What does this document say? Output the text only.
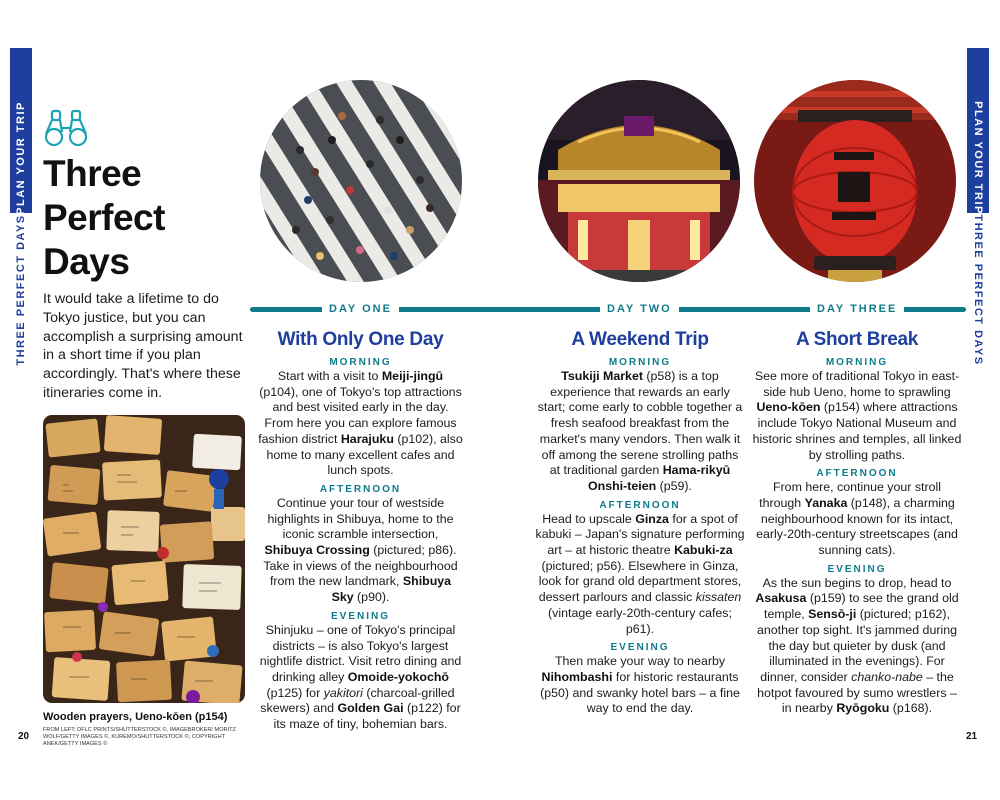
PLAN YOUR TRIP
THREE PERFECT DAYS
PLAN YOUR TRIP
THREE PERFECT DAYS
Three
Perfect
Days

It would take a lifetime to do Tokyo justice, but you can accomplish a surprising amount in a short time if you plan accordingly. That's where these itineraries come in.

Wooden prayers, Ueno-kōen (p154)
FROM LEFT: DFLC PRINTS/SHUTTERSTOCK ©, IMAGEBROKER/ MORITZ WOLF/GETTY IMAGES ©, KUREMO/SHUTTERSTOCK ©, COPYRIGHT ANEK/GETTY IMAGES ©
20	21
DAY ONE	DAY TWO	DAY THREE
With Only One Day
MORNING

Start with a visit to Meiji-jingū (p104), one of Tokyo's top attractions and best visited early in the day. From here you can explore famous fashion district Harajuku (p102), also home to many excellent cafes and lunch spots.

AFTERNOON

Continue your tour of westside highlights in Shibuya, home to the iconic scramble intersection, Shibuya Crossing (pictured; p86). Take in views of the neighbourhood from the new landmark, Shibuya Sky (p90).

EVENING

Shinjuku – one of Tokyo's principal districts – is also Tokyo's largest nightlife district. Visit retro dining and drinking alley Omoide-yokochō (p125) for yakitori (charcoal-grilled skewers) and Golden Gai (p122) for its maze of tiny, bohemian bars.

A Weekend Trip
MORNING

Tsukiji Market (p58) is a top experience that rewards an early start; come early to cobble together a fresh seafood breakfast from the market's many vendors. Then walk it off among the serene strolling paths at traditional garden Hama-rikyū Onshi-teien (p59).

AFTERNOON

Head to upscale Ginza for a spot of kabuki – Japan's signature performing art – at historic theatre Kabuki-za (pictured; p56). Elsewhere in Ginza, look for grand old department stores, dessert parlours and classic kissaten (vintage early-20th-century cafes; p61).

EVENING

Then make your way to nearby Nihombashi for historic restaurants (p50) and swanky hotel bars – a fine way to end the day.

A Short Break
MORNING

See more of traditional Tokyo in east-side hub Ueno, home to sprawling Ueno-kōen (p154) where attractions include Tokyo National Museum and historic shrines and temples, all linked by strolling paths.

AFTERNOON

From here, continue your stroll through Yanaka (p148), a charming neighbourhood known for its intact, early-20th-century streetscapes (and sunning cats).

EVENING

As the sun begins to drop, head to Asakusa (p159) to see the grand old temple, Sensō-ji (pictured; p162), another top sight. It's jammed during the day but quieter by dusk (and illuminated in the evenings). For dinner, consider chanko-nabe – the hotpot favoured by sumo wrestlers – in nearby Ryōgoku (p168).
